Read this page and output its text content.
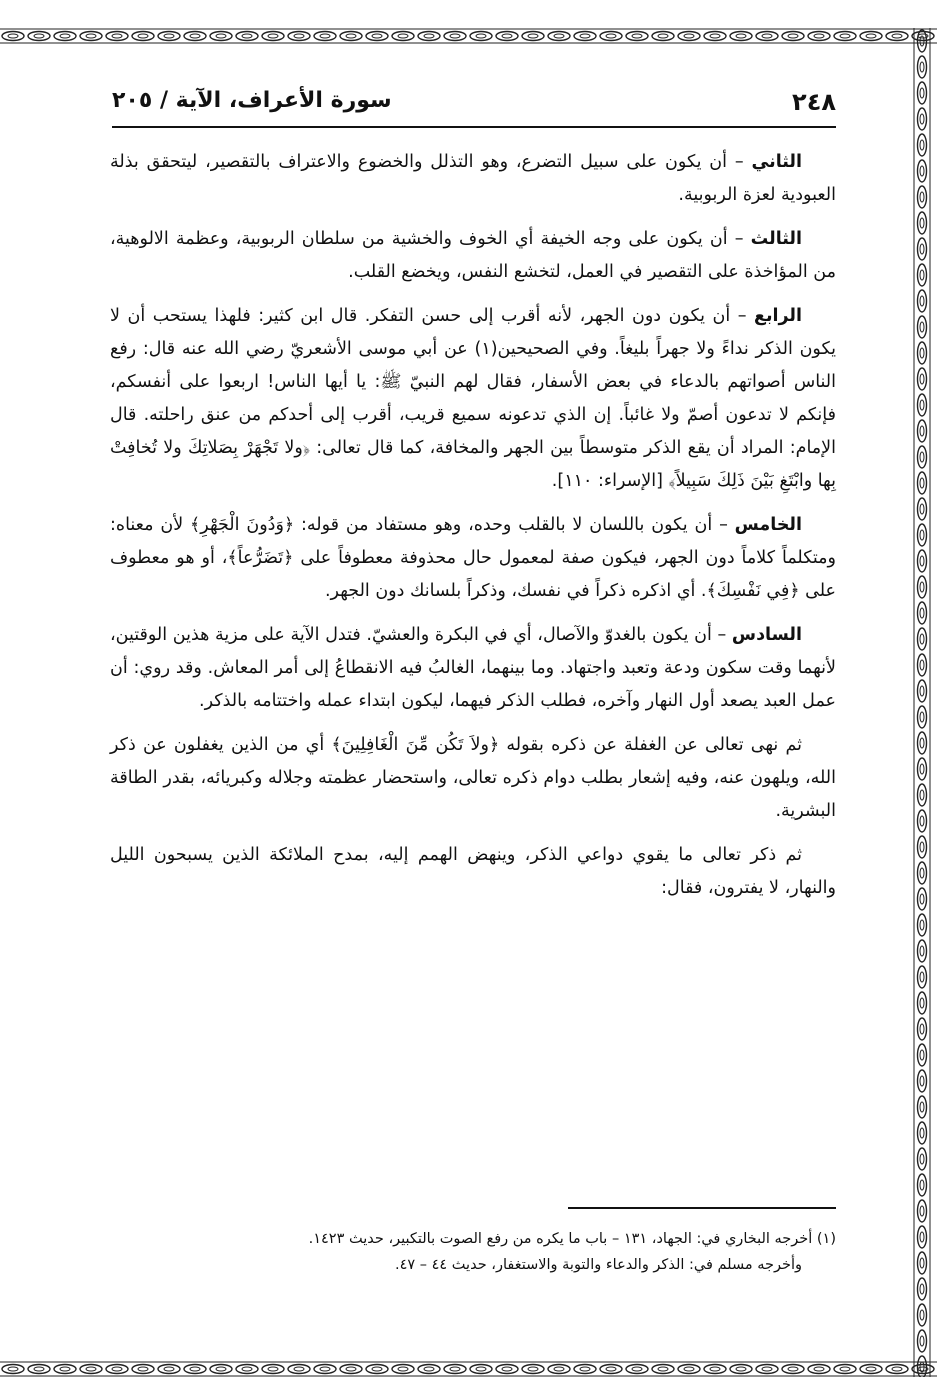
٢٤٨
سورة الأعراف، الآية / ٢٠٥

الثاني – أن يكون على سبيل التضرع، وهو التذلل والخضوع والاعتراف بالتقصير، ليتحقق بذلة العبودية لعزة الربوبية.

الثالث – أن يكون على وجه الخيفة أي الخوف والخشية من سلطان الربوبية، وعظمة الالوهية، من المؤاخذة على التقصير في العمل، لتخشع النفس، ويخضع القلب.

الرابع – أن يكون دون الجهر، لأنه أقرب إلى حسن التفكر. قال ابن كثير: فلهذا يستحب أن لا يكون الذكر نداءً ولا جهراً بليغاً. وفي الصحيحين(١) عن أبي موسى الأشعريّ رضي الله عنه قال: رفع الناس أصواتهم بالدعاء في بعض الأسفار، فقال لهم النبيّ ﷺ: يا أيها الناس! اربعوا على أنفسكم، فإنكم لا تدعون أصمّ ولا غائباً. إن الذي تدعونه سميع قريب، أقرب إلى أحدكم من عنق راحلته. قال الإمام: المراد أن يقع الذكر متوسطاً بين الجهر والمخافة، كما قال تعالى: ﴿ولا تَجْهَرْ بِصَلاتِكَ ولا تُخافِتْ بِها وابْتَغِ بَيْنَ ذَلِكَ سَبِيلاً﴾ [الإسراء: ١١٠].

الخامس – أن يكون باللسان لا بالقلب وحده، وهو مستفاد من قوله: ﴿وَدُونَ الْجَهْرِ﴾ لأن معناه: ومتكلماً كلاماً دون الجهر، فيكون صفة لمعمول حال محذوفة معطوفاً على ﴿تَضَرُّعاً﴾، أو هو معطوف على ﴿فِي نَفْسِكَ﴾. أي اذكره ذكراً في نفسك، وذكراً بلسانك دون الجهر.

السادس – أن يكون بالغدوّ والآصال، أي في البكرة والعشيّ. فتدل الآية على مزية هذين الوقتين، لأنهما وقت سكون ودعة وتعبد واجتهاد. وما بينهما، الغالبُ فيه الانقطاعُ إلى أمر المعاش. وقد روي: أن عمل العبد يصعد أول النهار وآخره، فطلب الذكر فيهما، ليكون ابتداء عمله واختتامه بالذكر.

ثم نهى تعالى عن الغفلة عن ذكره بقوله ﴿ولاَ تَكُن مِّنَ الْغَافِلِينَ﴾ أي من الذين يغفلون عن ذكر الله، ويلهون عنه، وفيه إشعار بطلب دوام ذكره تعالى، واستحضار عظمته وجلاله وكبريائه، بقدر الطاقة البشرية.

ثم ذكر تعالى ما يقوي دواعي الذكر، وينهض الهمم إليه، بمدح الملائكة الذين يسبحون الليل والنهار، لا يفترون، فقال:

(١) أخرجه البخاري في: الجهاد، ١٣١ – باب ما يكره من رفع الصوت بالتكبير، حديث ١٤٢٣.

وأخرجه مسلم في: الذكر والدعاء والتوبة والاستغفار، حديث ٤٤ – ٤٧.
